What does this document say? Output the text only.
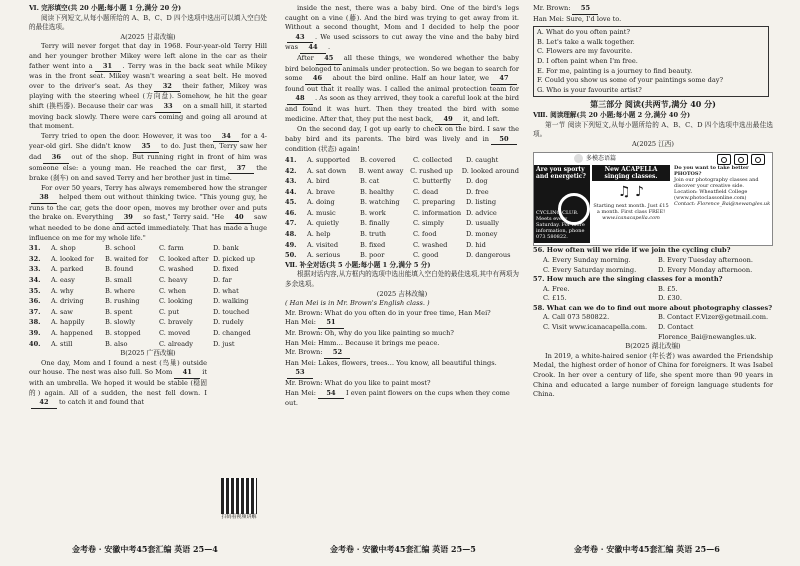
Ⅵ. 完形填空(共 20 小题;每小题 1 分,满分 20 分)

阅读下列短文,从每小题所给的 A、B、C、D 四个选项中选出可以填入空白处的最佳选项。

A(2025 甘肃改编)

Terry will never forget that day in 1968. Four-year-old Terry Hill and her younger brother Mikey were left alone in the car as their father went into a 31 . Terry was in the back seat while Mikey was in the front seat. Mikey wasn't wearing a seat belt. He moved over to the driver's seat. As they 32 their father, Mikey was playing with the steering wheel (方向盘). Somehow, he hit the gear shift (换档器). Because their car was 33 on a small hill, it started moving back slowly. There were cars coming and going all around at that moment.

Terry tried to open the door. However, it was too 34 for a 4-year-old girl. She didn't know 35 to do. Just then, Terry saw her dad 36 out of the shop. But running right in front of him was someone else: a young man. He reached the car first, 37 the brake (刹车) on and saved Terry and her brother just in time.

For over 50 years, Terry has always remembered how the stranger38 helped them out without thinking twice. "This young guy, he runs to the car, gets the door open, moves my brother over and puts the brake on. Everything 39 so fast," Terry said. "He 40 saw what needed to be done and acted immediately. That has made a huge influence on me for my whole life."

31.	A. shop	B. school	C. farm	D. bank
32.	A. looked for	B. waited for	C. looked after D. picked up
33.	A. parked	B. found	C. washed	D. fixed
34.	A. easy	B. small	C. heavy	D. far
35.	A. why	B. where	C. when	D. what
36.	A. driving	B. rushing	C. looking	D. walking
37.	A. saw	B. spent	C. put	D. touched
38.	A. happily	B. slowly	C. bravely	D. rudely
39.	A. happened	B. stopped	C. moved	D. changed
40.	A. still	B. also	C. already	D. just
B(2025 广西改编)

One day, Mom and I found a nest (鸟巢) outside our house. The nest was also full. So Mom 41 it with an umbrella. We hoped it would be stable (稳固的) again. All of a sudden, the nest fell down. I42 to catch it and found that

扫码看视频讲解

inside the nest, there was a baby bird. One of the bird's legs caught on a vine (藤). And the bird was trying to get away from it. Without a second thought, Mom and I decided to help the poor43 . We used scissors to cut away the vine and the baby bird was 44 .

After 45 all these things, we wondered whether the baby bird belonged to animals under protection. So we began to search for some 46 about the bird online. Half an hour later, we 47found out that it really was. I called the animal protection team for48 . As soon as they arrived, they took a careful look at the bird and found it was hurt. Then they treated the bird with some medicine. After that, they put the nest back, 49 it, and left.

On the second day, I got up early to check on the bird. I saw the baby bird and its parents. The bird was lively and in 50condition (状态) again!

41.	A. supported	B. covered	C. collected	D. caught
42.	A. sat down	B. went away	C. rushed up	D. looked around
43.	A. bird	B. cat	C. butterfly	D. dog
44.	A. brave	B. healthy	C. dead	D. free
45.	A. doing	B. watching	C. preparing	D. listing
46.	A. music	B. work	C. information D. advice
47.	A. quietly	B. finally	C. simply	D. usually
48.	A. help	B. truth	C. food	D. money
49.	A. visited	B. fixed	C. washed	D. hid
50.	A. serious	B. poor	C. good	D. dangerous
Ⅶ. 补全对话(共 5 小题;每小题 1 分,满分 5 分)

根据对话内容,从方框内的选项中选出能填入空白处的最佳选项,其中有两项为多余选项。

(2025 吉林改编)
( Han Mei is in Mr. Brown's English class. )
Mr. Brown: What do you often do in your free time, Han Mei?
Han Mei: 51
Mr. Brown: Oh, why do you like painting so much?
Han Mei: Hmm… Because it brings me peace.
Mr. Brown: 52
Han Mei: Lakes, flowers, trees… You know, all beautiful things.
53
Mr. Brown: What do you like to paint most?
Han Mei: 54 I even paint flowers on the cups when they come out.
Mr. Brown: 55
Han Mei: Sure, I'd love to.
A. What do you often paint?
B. Let's take a walk together.
C. Flowers are my favourite.
D. I often paint when I'm free.
E. For me, painting is a journey to find beauty.
F. Could you show us some of your paintings some day?
G. Who is your favourite artist?
第三部分 阅读(共两节,满分 40 分)
Ⅷ. 阅读理解(共 20 小题;每小题 2 分,满分 40 分)

第一节 阅读下列短文,从每小题所给的 A、B、C、D 四个选项中选出最佳选项。

A(2025 江西)
多模态语篇
Are you sporty and energetic?
CYCLING CLUB. Meets every Saturday. For more information, phone 073 580822.
New ACAPELLA singing classes.
♫ ♪
Starting next month. Just £15 a month. First class FREE!
www.icanacapella.com
Do you want to take better PHOTOS?
Join our photography classes and discover your creative side.
Location: Wheatfield College (www.photoclassonline.com)
Contact: Florence_Bai@newangles.uk
56. How often will we ride if we join the cycling club?
A. Every Sunday morning.	B. Every Tuesday afternoon.
C. Every Saturday morning.	D. Every Monday afternoon.
57. How much are the singing classes for a month?
A. Free.	B. £5.
C. £15.	D. £30.
58. What can we do to find out more about photography classes?
A. Call 073 580822.	B. Contact F.Vizer@getmail.com.
C. Visit www.icanacapella.com.	D. Contact Florence_Bai@newangles.uk.
B(2025 湖北改编)

In 2019, a white-haired senior (年长者) was awarded the Friendship Medal, the highest order of honor of China for foreigners. It was Isabel Crook. In her over a century of life, she spent more than 90 years in China and educated a large number of foreign language students for China.

金考卷 · 安徽中考45套汇编 英语 25—4	金考卷 · 安徽中考45套汇编 英语 25—5	金考卷 · 安徽中考45套汇编 英语 25—6
